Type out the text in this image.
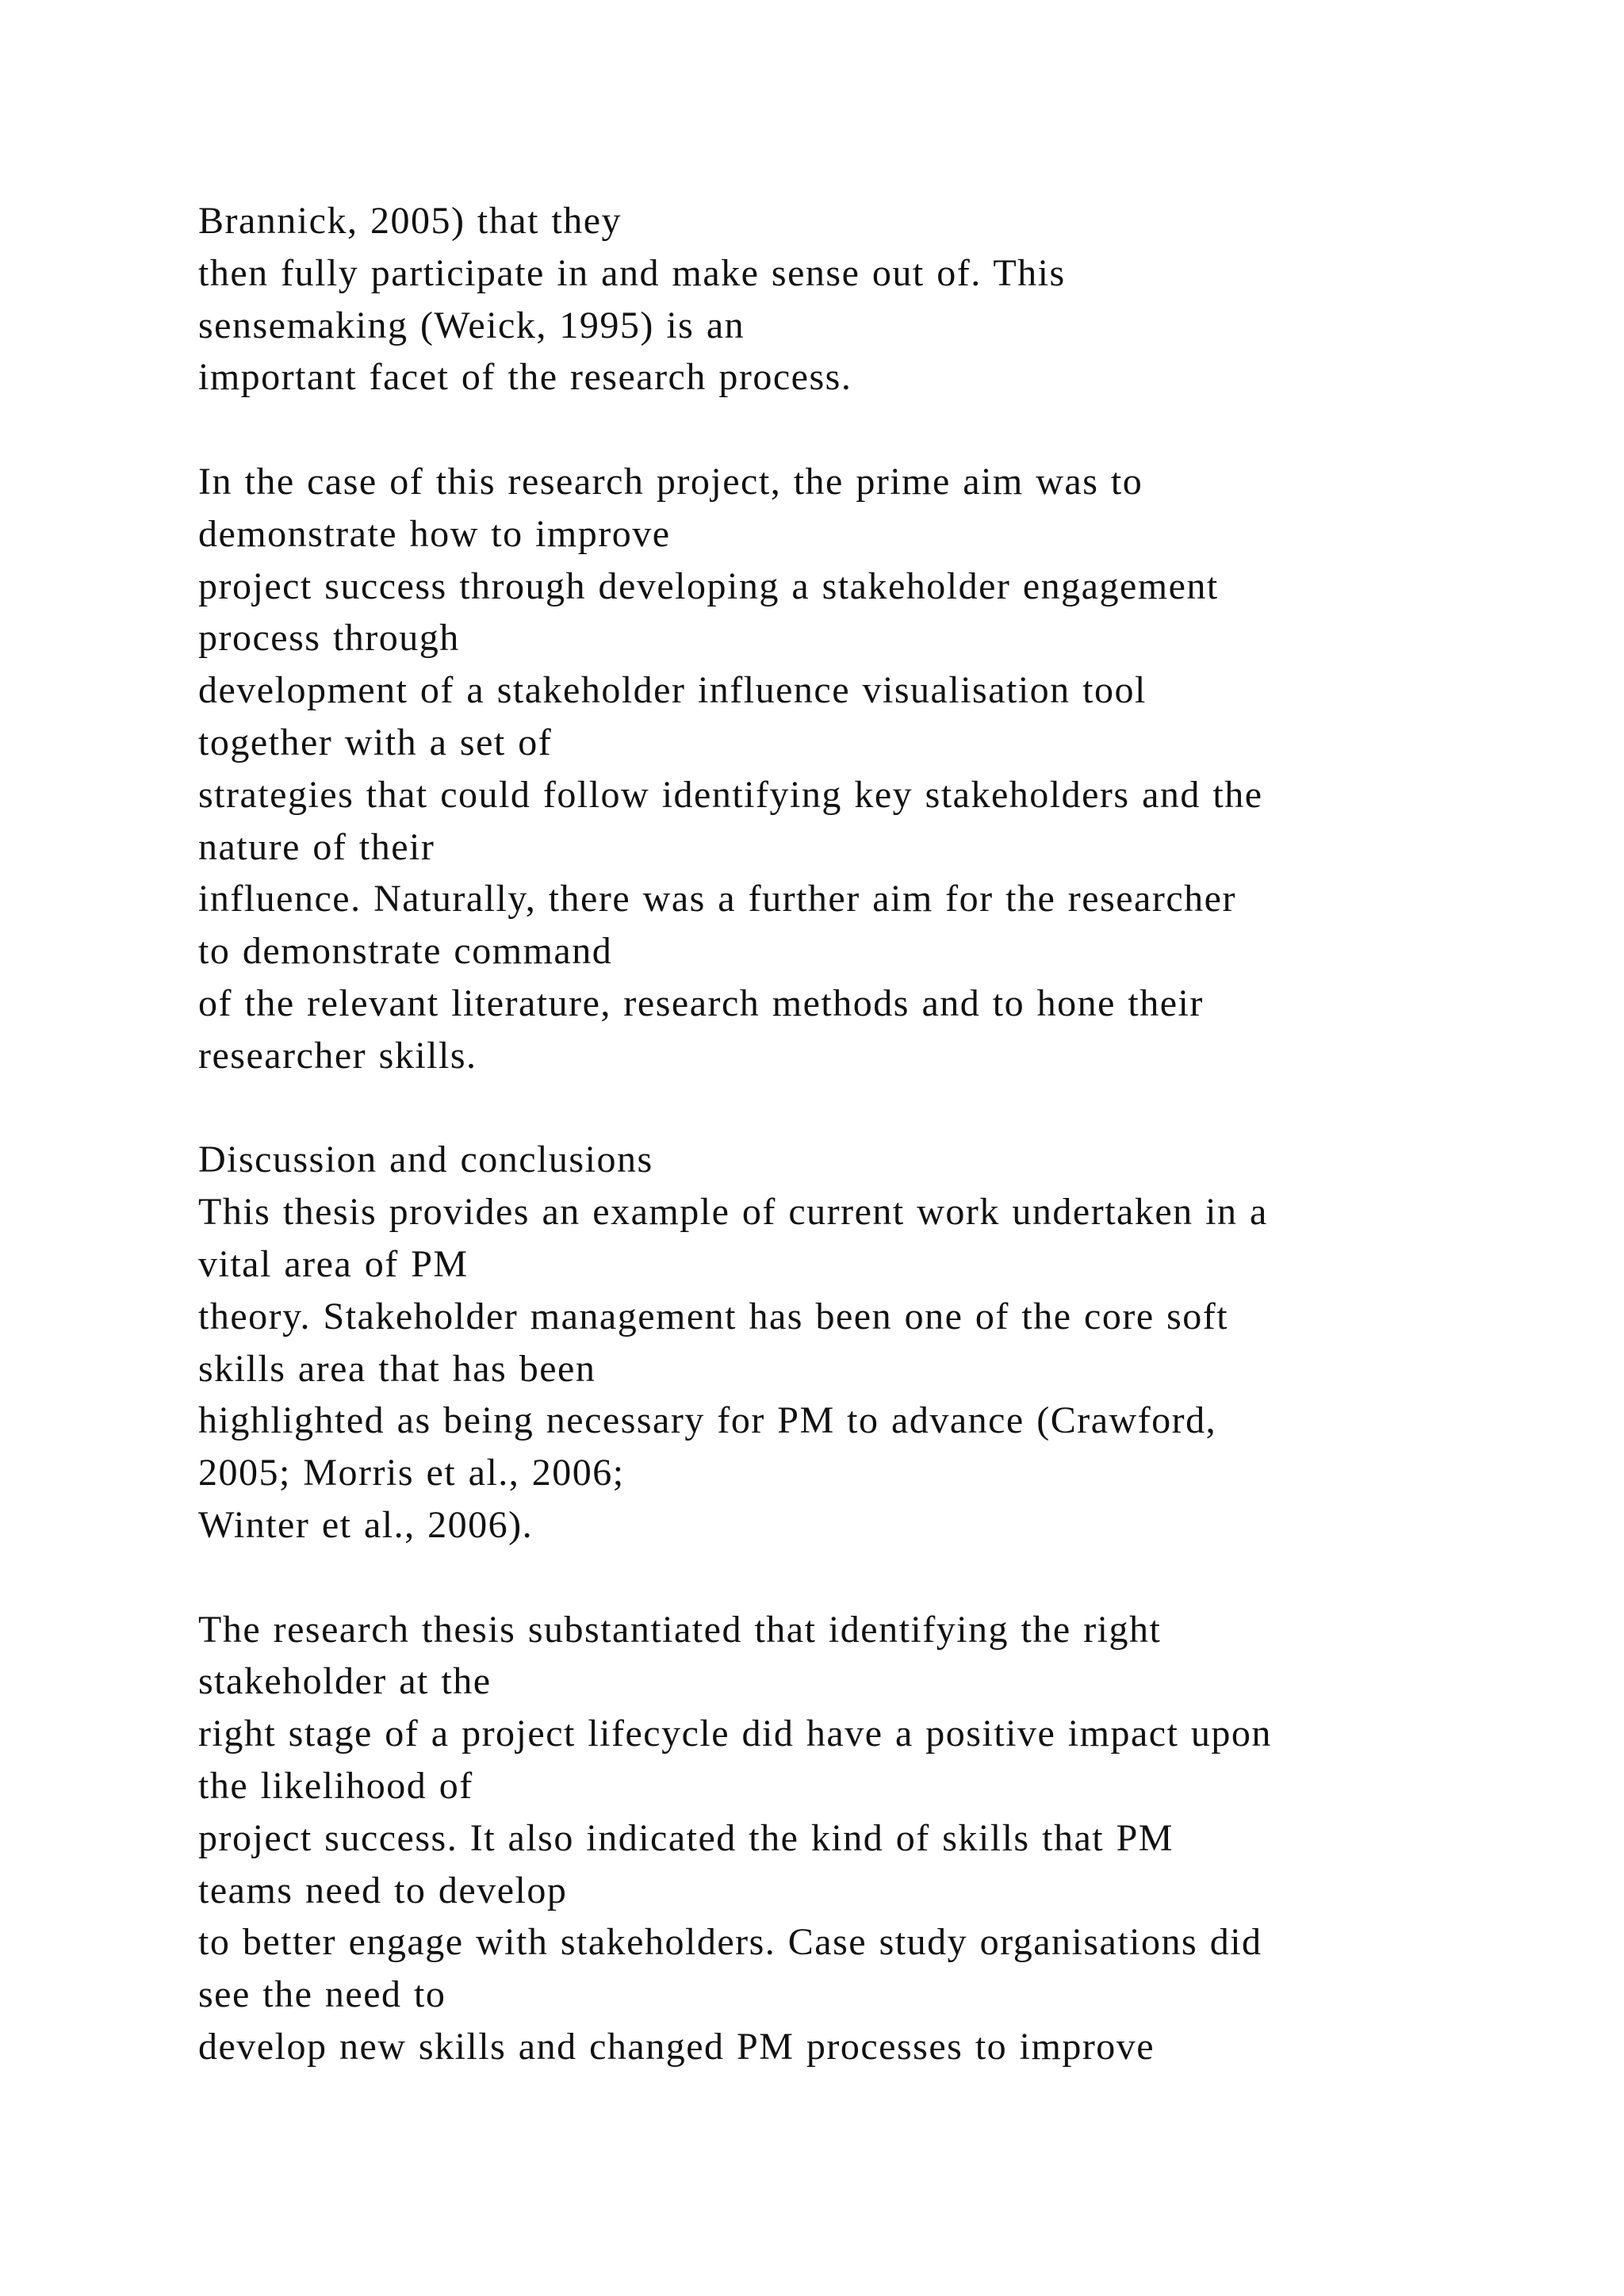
Brannick, 2005) that they
then fully participate in and make sense out of. This
sensemaking (Weick, 1995) is an
important facet of the research process.
In the case of this research project, the prime aim was to
demonstrate how to improve
project success through developing a stakeholder engagement
process through
development of a stakeholder influence visualisation tool
together with a set of
strategies that could follow identifying key stakeholders and the
nature of their
influence. Naturally, there was a further aim for the researcher
to demonstrate command
of the relevant literature, research methods and to hone their
researcher skills.
Discussion and conclusions
This thesis provides an example of current work undertaken in a
vital area of PM
theory. Stakeholder management has been one of the core soft
skills area that has been
highlighted as being necessary for PM to advance (Crawford,
2005; Morris et al., 2006;
Winter et al., 2006).
The research thesis substantiated that identifying the right
stakeholder at the
right stage of a project lifecycle did have a positive impact upon
the likelihood of
project success. It also indicated the kind of skills that PM
teams need to develop
to better engage with stakeholders. Case study organisations did
see the need to
develop new skills and changed PM processes to improve
